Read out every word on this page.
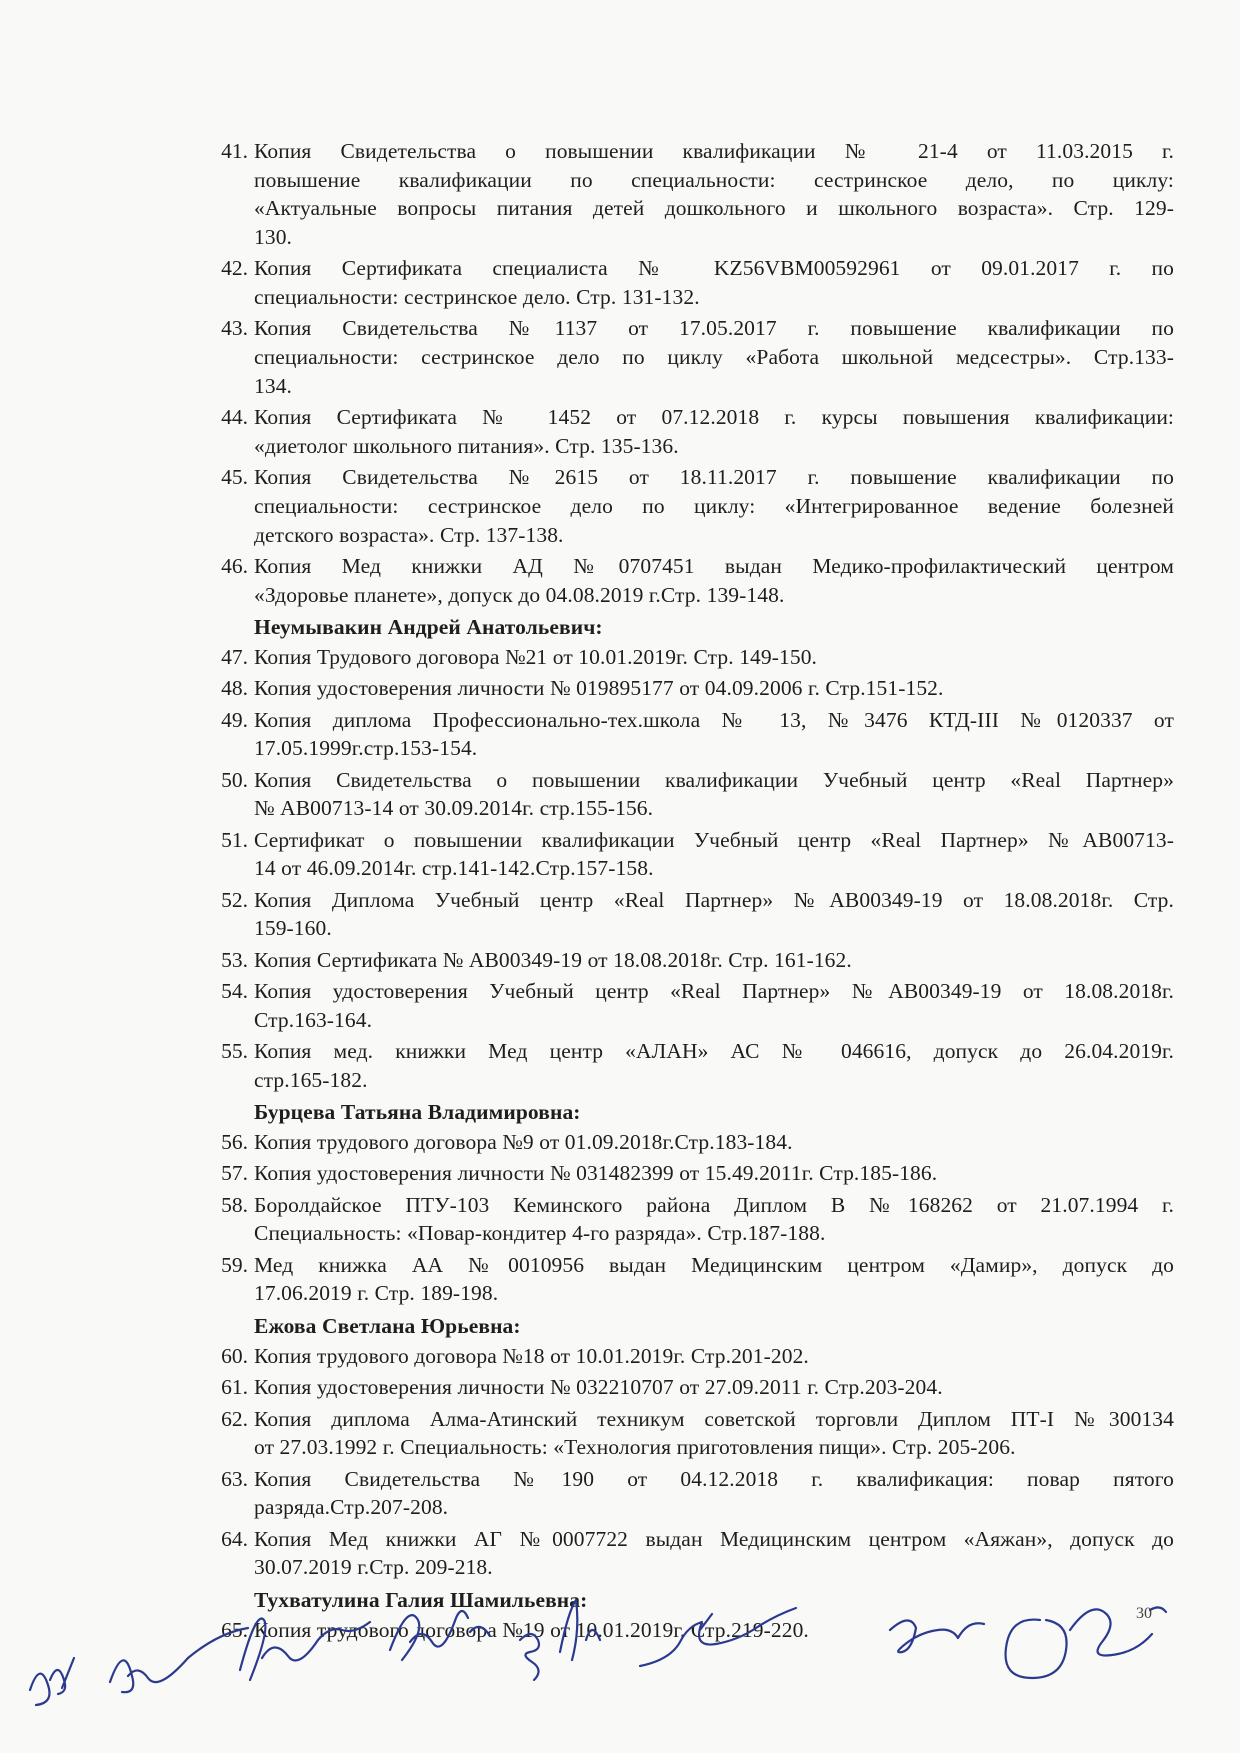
41. Копия Свидетельства о повышении квалификации № 21-4 от 11.03.2015 г.
повышение квалификации по специальности: сестринское дело, по циклу:
«Актуальные вопросы питания детей дошкольного и школьного возраста». Стр. 129-
130.
42. Копия Сертификата специалиста № KZ56VBM00592961 от 09.01.2017 г. по
специальности: сестринское дело. Стр. 131-132.
43. Копия Свидетельства №1137 от 17.05.2017 г. повышение квалификации по
специальности: сестринское дело по циклу «Работа школьной медсестры». Стр.133-
134.
44. Копия Сертификата № 1452 от 07.12.2018 г. курсы повышения квалификации:
«диетолог школьного питания». Стр. 135-136.
45. Копия Свидетельства №2615 от 18.11.2017 г. повышение квалификации по
специальности: сестринское дело по циклу: «Интегрированное ведение болезней
детского возраста». Стр. 137-138.
46. Копия Мед книжки АД №0707451 выдан Медико-профилактический центром
«Здоровье планете», допуск до 04.08.2019 г.Стр. 139-148.
Неумывакин Андрей Анатольевич:
47. Копия Трудового договора №21 от 10.01.2019г. Стр. 149-150.
48. Копия удостоверения личности № 019895177 от 04.09.2006 г. Стр.151-152.
49. Копия диплома Профессионально-тех.школа № 13, №3476 КТД-III №0120337 от
17.05.1999г.стр.153-154.
50. Копия Свидетельства о повышении квалификации Учебный центр «Real Партнер»
№ АВ00713-14 от 30.09.2014г. стр.155-156.
51. Сертификат о повышении квалификации Учебный центр «Real Партнер» №АВ00713-
14 от 46.09.2014г. стр.141-142.Стр.157-158.
52. Копия Диплома Учебный центр «Real Партнер» №АВ00349-19 от 18.08.2018г. Стр.
159-160.
53. Копия Сертификата № АВ00349-19 от 18.08.2018г. Стр. 161-162.
54. Копия удостоверения Учебный центр «Real Партнер» №АВ00349-19 от 18.08.2018г.
Стр.163-164.
55. Копия мед. книжки Мед центр «АЛАН» АС № 046616, допуск до 26.04.2019г.
стр.165-182.
Бурцева Татьяна Владимировна:
56. Копия трудового договора №9 от 01.09.2018г.Стр.183-184.
57. Копия удостоверения личности № 031482399 от 15.49.2011г. Стр.185-186.
58. Боролдайское ПТУ-103 Кеминского района Диплом В №168262 от 21.07.1994 г.
Специальность: «Повар-кондитер 4-го разряда». Стр.187-188.
59. Мед книжка АА №0010956 выдан Медицинским центром «Дамир», допуск до
17.06.2019 г. Стр. 189-198.
Ежова Светлана Юрьевна:
60. Копия трудового договора №18 от 10.01.2019г. Стр.201-202.
61. Копия удостоверения личности № 032210707 от 27.09.2011 г. Стр.203-204.
62. Копия диплома Алма-Атинский техникум советской торговли Диплом ПТ-I №300134
от 27.03.1992 г. Специальность: «Технология приготовления пищи». Стр. 205-206.
63. Копия Свидетельства №190 от 04.12.2018 г. квалификация: повар пятого
разряда.Стр.207-208.
64. Копия Мед книжки АГ №0007722 выдан Медицинским центром «Аяжан», допуск до
30.07.2019 г.Стр. 209-218.
Тухватулина Галия Шамильевна:
65. Копия трудового договора №19 от 10.01.2019г. Стр.219-220.
30
